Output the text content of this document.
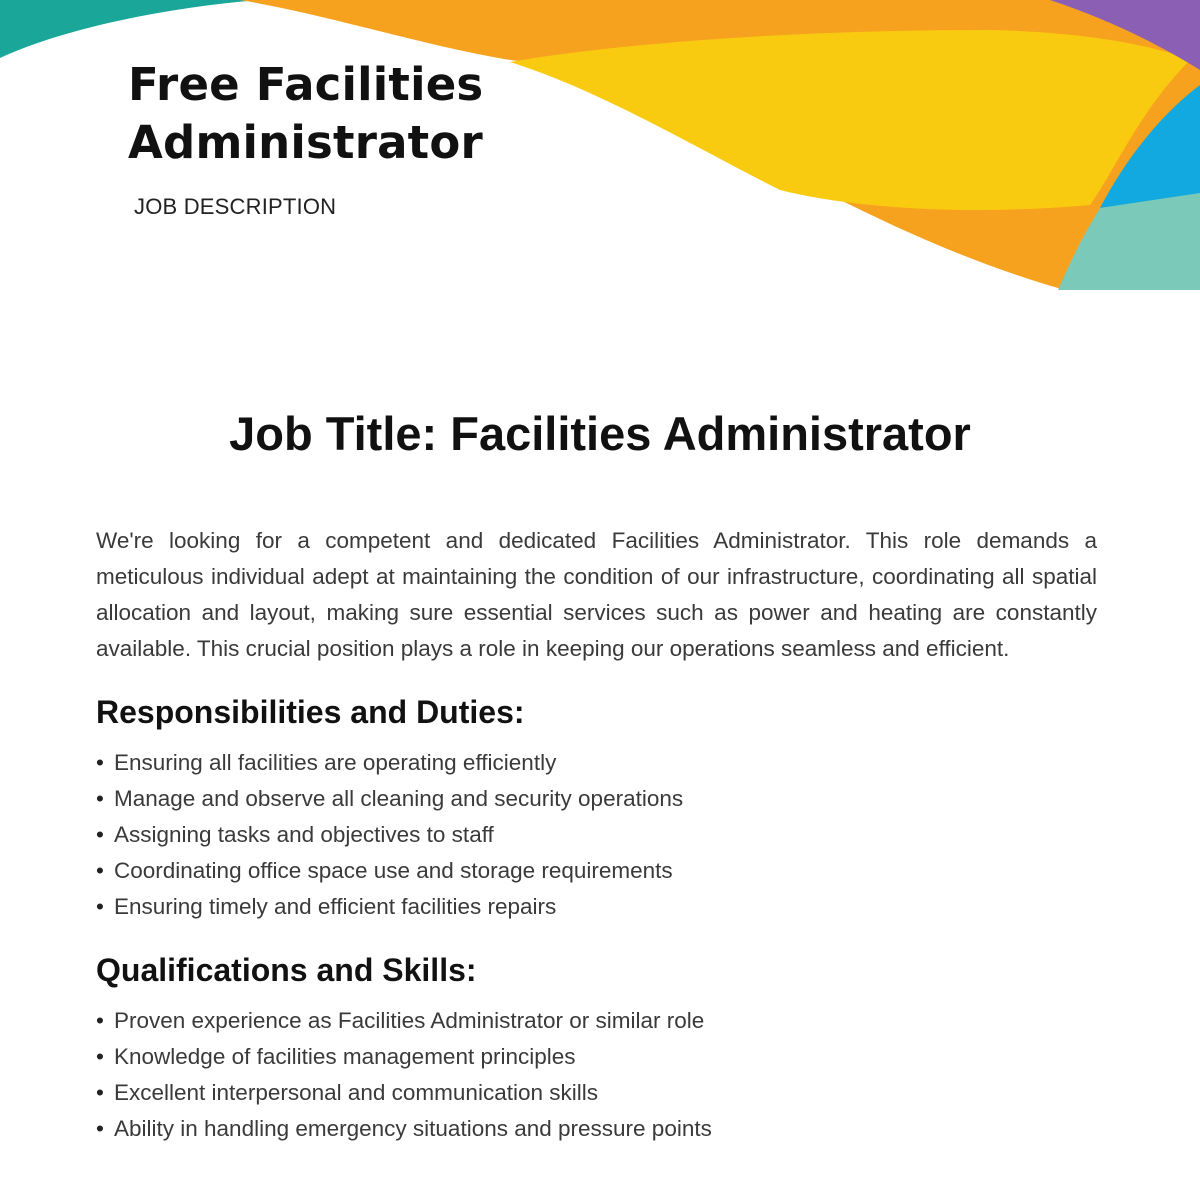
Free Facilities
Administrator
JOB DESCRIPTION
Job Title: Facilities Administrator

We're looking for a competent and dedicated Facilities Administrator. This role demands a meticulous individual adept at maintaining the condition of our infrastructure, coordinating all spatial allocation and layout, making sure essential services such as power and heating are constantly available. This crucial position plays a role in keeping our operations seamless and efficient.

Responsibilities and Duties:
• Ensuring all facilities are operating efficiently
• Manage and observe all cleaning and security operations
• Assigning tasks and objectives to staff
• Coordinating office space use and storage requirements
• Ensuring timely and efficient facilities repairs
Qualifications and Skills:
• Proven experience as Facilities Administrator or similar role
• Knowledge of facilities management principles
• Excellent interpersonal and communication skills
• Ability in handling emergency situations and pressure points
